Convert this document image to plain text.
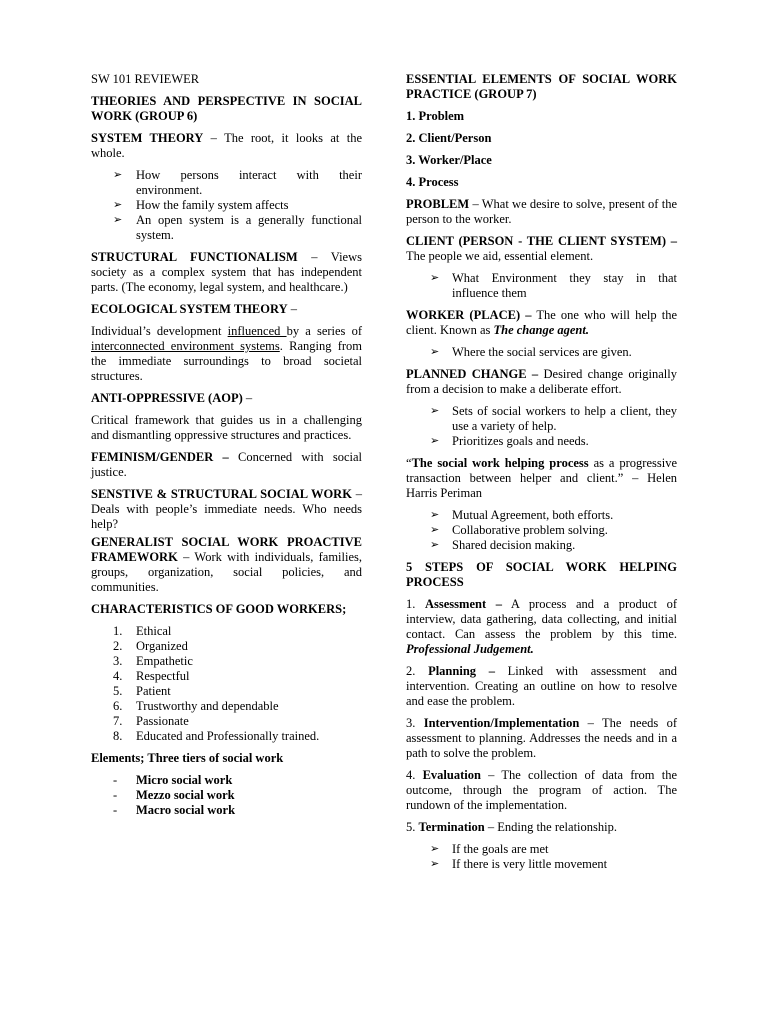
SW 101 REVIEWER

THEORIES AND PERSPECTIVE IN SOCIAL WORK (GROUP 6)

SYSTEM THEORY – The root, it looks at the whole.

➢ How persons interact with their environment.
➢ How the family system affects
➢ An open system is a generally functional system.

STRUCTURAL FUNCTIONALISM – Views society as a complex system that has independent parts. (The economy, legal system, and healthcare.)

ECOLOGICAL SYSTEM THEORY –

Individual’s development influenced by a series of interconnected environment systems. Ranging from the immediate surroundings to broad societal structures.

ANTI-OPPRESSIVE (AOP) –

Critical framework that guides us in a challenging and dismantling oppressive structures and practices.

FEMINISM/GENDER – Concerned with social justice.

SENSTIVE & STRUCTURAL SOCIAL WORK – Deals with people’s immediate needs. Who needs help?

GENERALIST SOCIAL WORK PROACTIVE FRAMEWORK – Work with individuals, families, groups, organization, social policies, and communities.

CHARACTERISTICS OF GOOD WORKERS;

1. Ethical
2. Organized
3. Empathetic
4. Respectful
5. Patient
6. Trustworthy and dependable
7. Passionate
8. Educated and Professionally trained.

Elements; Three tiers of social work

- Micro social work
- Mezzo social work
- Macro social work

ESSENTIAL ELEMENTS OF SOCIAL WORK PRACTICE (GROUP 7)

1. Problem

2. Client/Person

3. Worker/Place

4. Process

PROBLEM – What we desire to solve, present of the person to the worker.

CLIENT (PERSON - THE CLIENT SYSTEM) – The people we aid, essential element.

➢ What Environment they stay in that influence them

WORKER (PLACE) – The one who will help the client. Known as The change agent.

➢ Where the social services are given.

PLANNED CHANGE – Desired change originally from a decision to make a deliberate effort.

➢ Sets of social workers to help a client, they use a variety of help.
➢ Prioritizes goals and needs.

“The social work helping process as a progressive transaction between helper and client.” – Helen Harris Periman

➢ Mutual Agreement, both efforts.
➢ Collaborative problem solving.
➢ Shared decision making.

5 STEPS OF SOCIAL WORK HELPING PROCESS

1. Assessment – A process and a product of interview, data gathering, data collecting, and initial contact. Can assess the problem by this time. Professional Judgement.

2. Planning – Linked with assessment and intervention. Creating an outline on how to resolve and ease the problem.

3. Intervention/Implementation – The needs of assessment to planning. Addresses the needs and in a path to solve the problem.

4. Evaluation – The collection of data from the outcome, through the program of action. The rundown of the implementation.

5. Termination – Ending the relationship.

➢ If the goals are met
➢ If there is very little movement
